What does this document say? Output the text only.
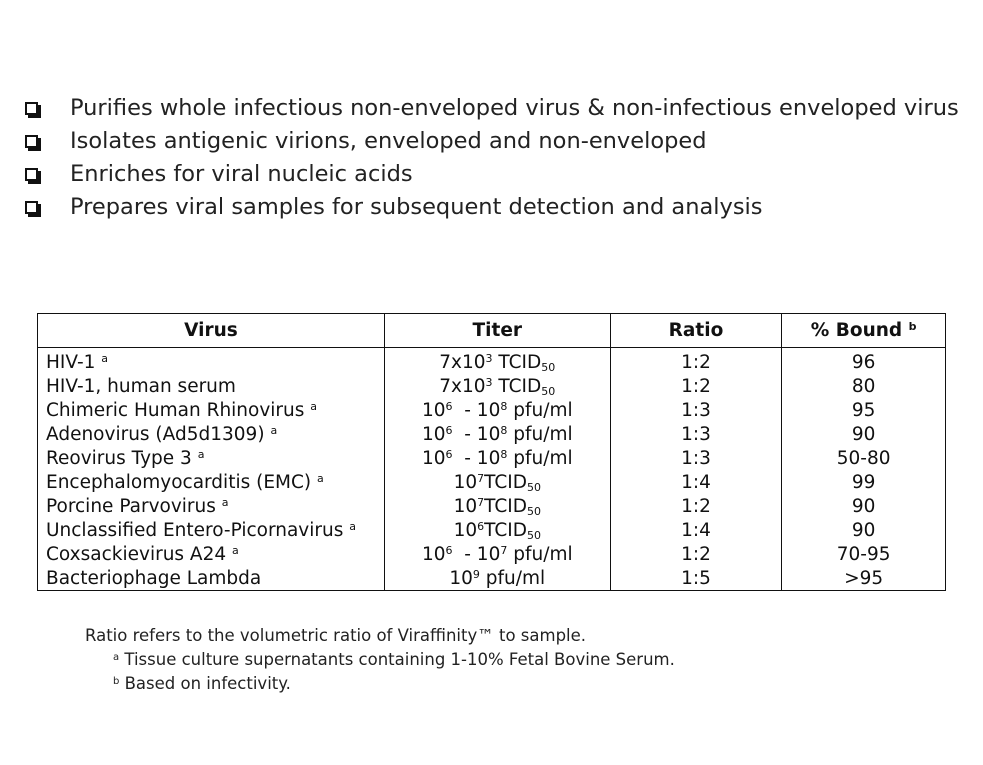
Purifies whole infectious non-enveloped virus & non-infectious enveloped virus
Isolates antigenic virions, enveloped and non-enveloped
Enriches for viral nucleic acids
Prepares viral samples for subsequent detection and analysis
Virus	Titer	Ratio	% Bound $^b$
HIV-1 $^a$	$7x10^3$ $TCID_{50}$	1:2	96
HIV-1, human serum	$7x10^3$ $TCID_{50}$	1:2	80
Chimeric Human Rhinovirus $^a$	$10^6 - 10^8$ pfu/ml	1:3	95
Adenovirus (Ad5d1309) $^a$	$10^6 - 10^8$ pfu/ml	1:3	90
Reovirus Type 3 $^a$	$10^6 - 10^8$ pfu/ml	1:3	50-80
Encephalomyocarditis (EMC) $^a$	$10^7TCID_{50}$	1:4	99
Porcine Parvovirus $^a$	$10^7TCID_{50}$	1:2	90
Unclassified Entero-Picornavirus $^a$	$10^6TCID_{50}$	1:4	90
Coxsackievirus A24 $^a$	$10^6 - 10^7$ pfu/ml	1:2	70-95
Bacteriophage Lambda	$10^9$ pfu/ml	1:5	>95
Ratio refers to the volumetric ratio of Viraffinity™ to sample.
$^a$ Tissue culture supernatants containing 1-10% Fetal Bovine Serum.
$^b$ Based on infectivity.
